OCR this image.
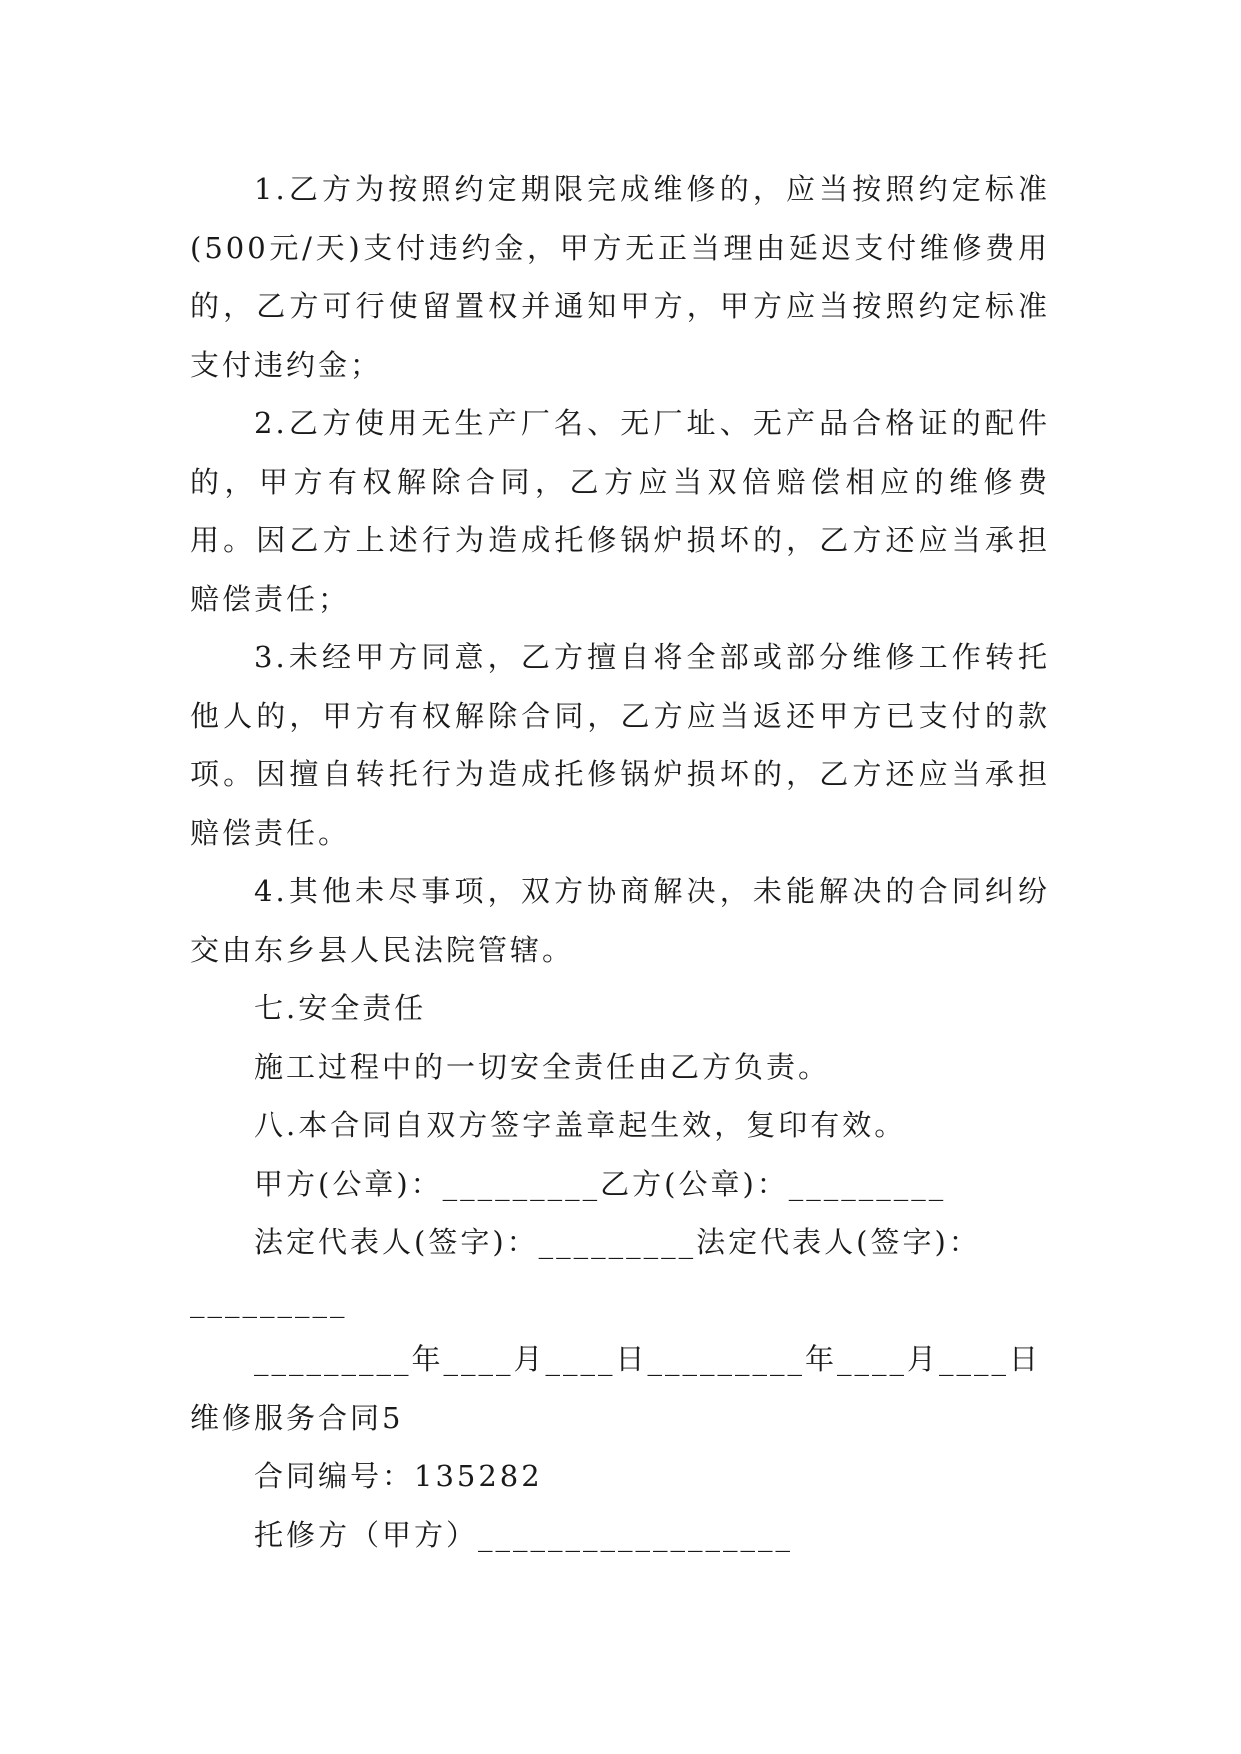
1.乙方为按照约定期限完成维修的，应当按照约定标准(500元/天)支付违约金，甲方无正当理由延迟支付维修费用的，乙方可行使留置权并通知甲方，甲方应当按照约定标准支付违约金；

2.乙方使用无生产厂名、无厂址、无产品合格证的配件的，甲方有权解除合同，乙方应当双倍赔偿相应的维修费用。因乙方上述行为造成托修锅炉损坏的，乙方还应当承担赔偿责任；

3.未经甲方同意，乙方擅自将全部或部分维修工作转托他人的，甲方有权解除合同，乙方应当返还甲方已支付的款项。因擅自转托行为造成托修锅炉损坏的，乙方还应当承担赔偿责任。

4.其他未尽事项，双方协商解决，未能解决的合同纠纷交由东乡县人民法院管辖。

七.安全责任

施工过程中的一切安全责任由乙方负责。

八.本合同自双方签字盖章起生效，复印有效。

甲方(公章)：_________乙方(公章)：_________

法定代表人(签字)：_________法定代表人(签字)：

_________

_________年____月____日_________年____月____日

维修服务合同5

合同编号：135282

托修方（甲方）__________________
